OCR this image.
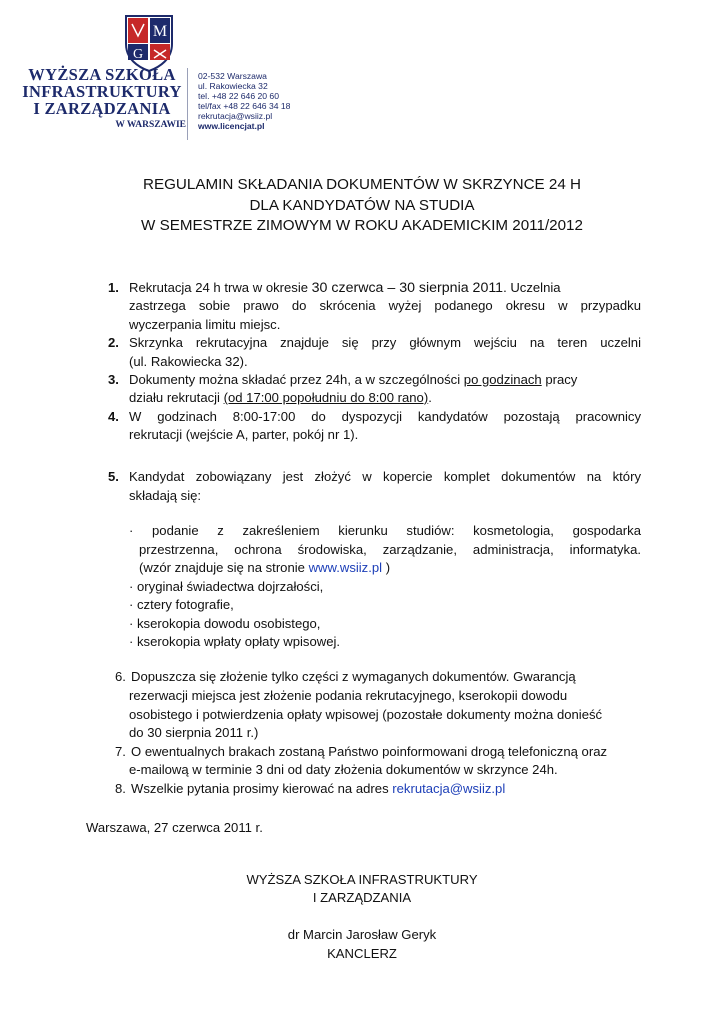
M
G
WYŻSZA SZKOŁA
INFRASTRUKTURY
I ZARZĄDZANIA
W WARSZAWIE
02-532 Warszawa
ul. Rakowiecka 32
tel. +48 22 646 20 60
tel/fax +48 22 646 34 18
rekrutacja@wsiiz.pl
www.licencjat.pl
REGULAMIN SKŁADANIA DOKUMENTÓW W SKRZYNCE 24 H
DLA KANDYDATÓW NA STUDIA
W SEMESTRZE ZIMOWYM W ROKU AKADEMICKIM 2011/2012
1. Rekrutacja 24 h trwa w okresie 30 czerwca – 30 sierpnia 2011. Uczelnia
zastrzega sobie prawo do skrócenia wyżej podanego okresu w przypadku
wyczerpania limitu miejsc.
2. Skrzynka rekrutacyjna znajduje się przy głównym wejściu na teren uczelni
(ul. Rakowiecka 32).
3. Dokumenty można składać przez 24h, a w szczególności po godzinach pracy
działu rekrutacji (od 17:00 popołudniu do 8:00 rano).
4. W godzinach 8:00-17:00 do dyspozycji kandydatów pozostają pracownicy
rekrutacji (wejście A, parter, pokój nr 1).
5. Kandydat zobowiązany jest złożyć w kopercie komplet dokumentów na który
składają się:
· podanie z zakreśleniem kierunku studiów: kosmetologia, gospodarka
przestrzenna, ochrona środowiska, zarządzanie, administracja, informatyka.
(wzór znajduje się na stronie www.wsiiz.pl )
· oryginał świadectwa dojrzałości,
· cztery fotografie,
· kserokopia dowodu osobistego,
· kserokopia wpłaty opłaty wpisowej.
6. Dopuszcza się złożenie tylko części z wymaganych dokumentów. Gwarancją
rezerwacji miejsca jest złożenie podania rekrutacyjnego, kserokopii dowodu
osobistego i potwierdzenia opłaty wpisowej (pozostałe dokumenty można donieść
do 30 sierpnia 2011 r.)
7. O ewentualnych brakach zostaną Państwo poinformowani drogą telefoniczną oraz
e-mailową w terminie 3 dni od daty złożenia dokumentów w skrzynce 24h.
8. Wszelkie pytania prosimy kierować na adres rekrutacja@wsiiz.pl
Warszawa, 27 czerwca 2011 r.
WYŻSZA SZKOŁA INFRASTRUKTURY
I ZARZĄDZANIA
dr Marcin Jarosław Geryk
KANCLERZ
